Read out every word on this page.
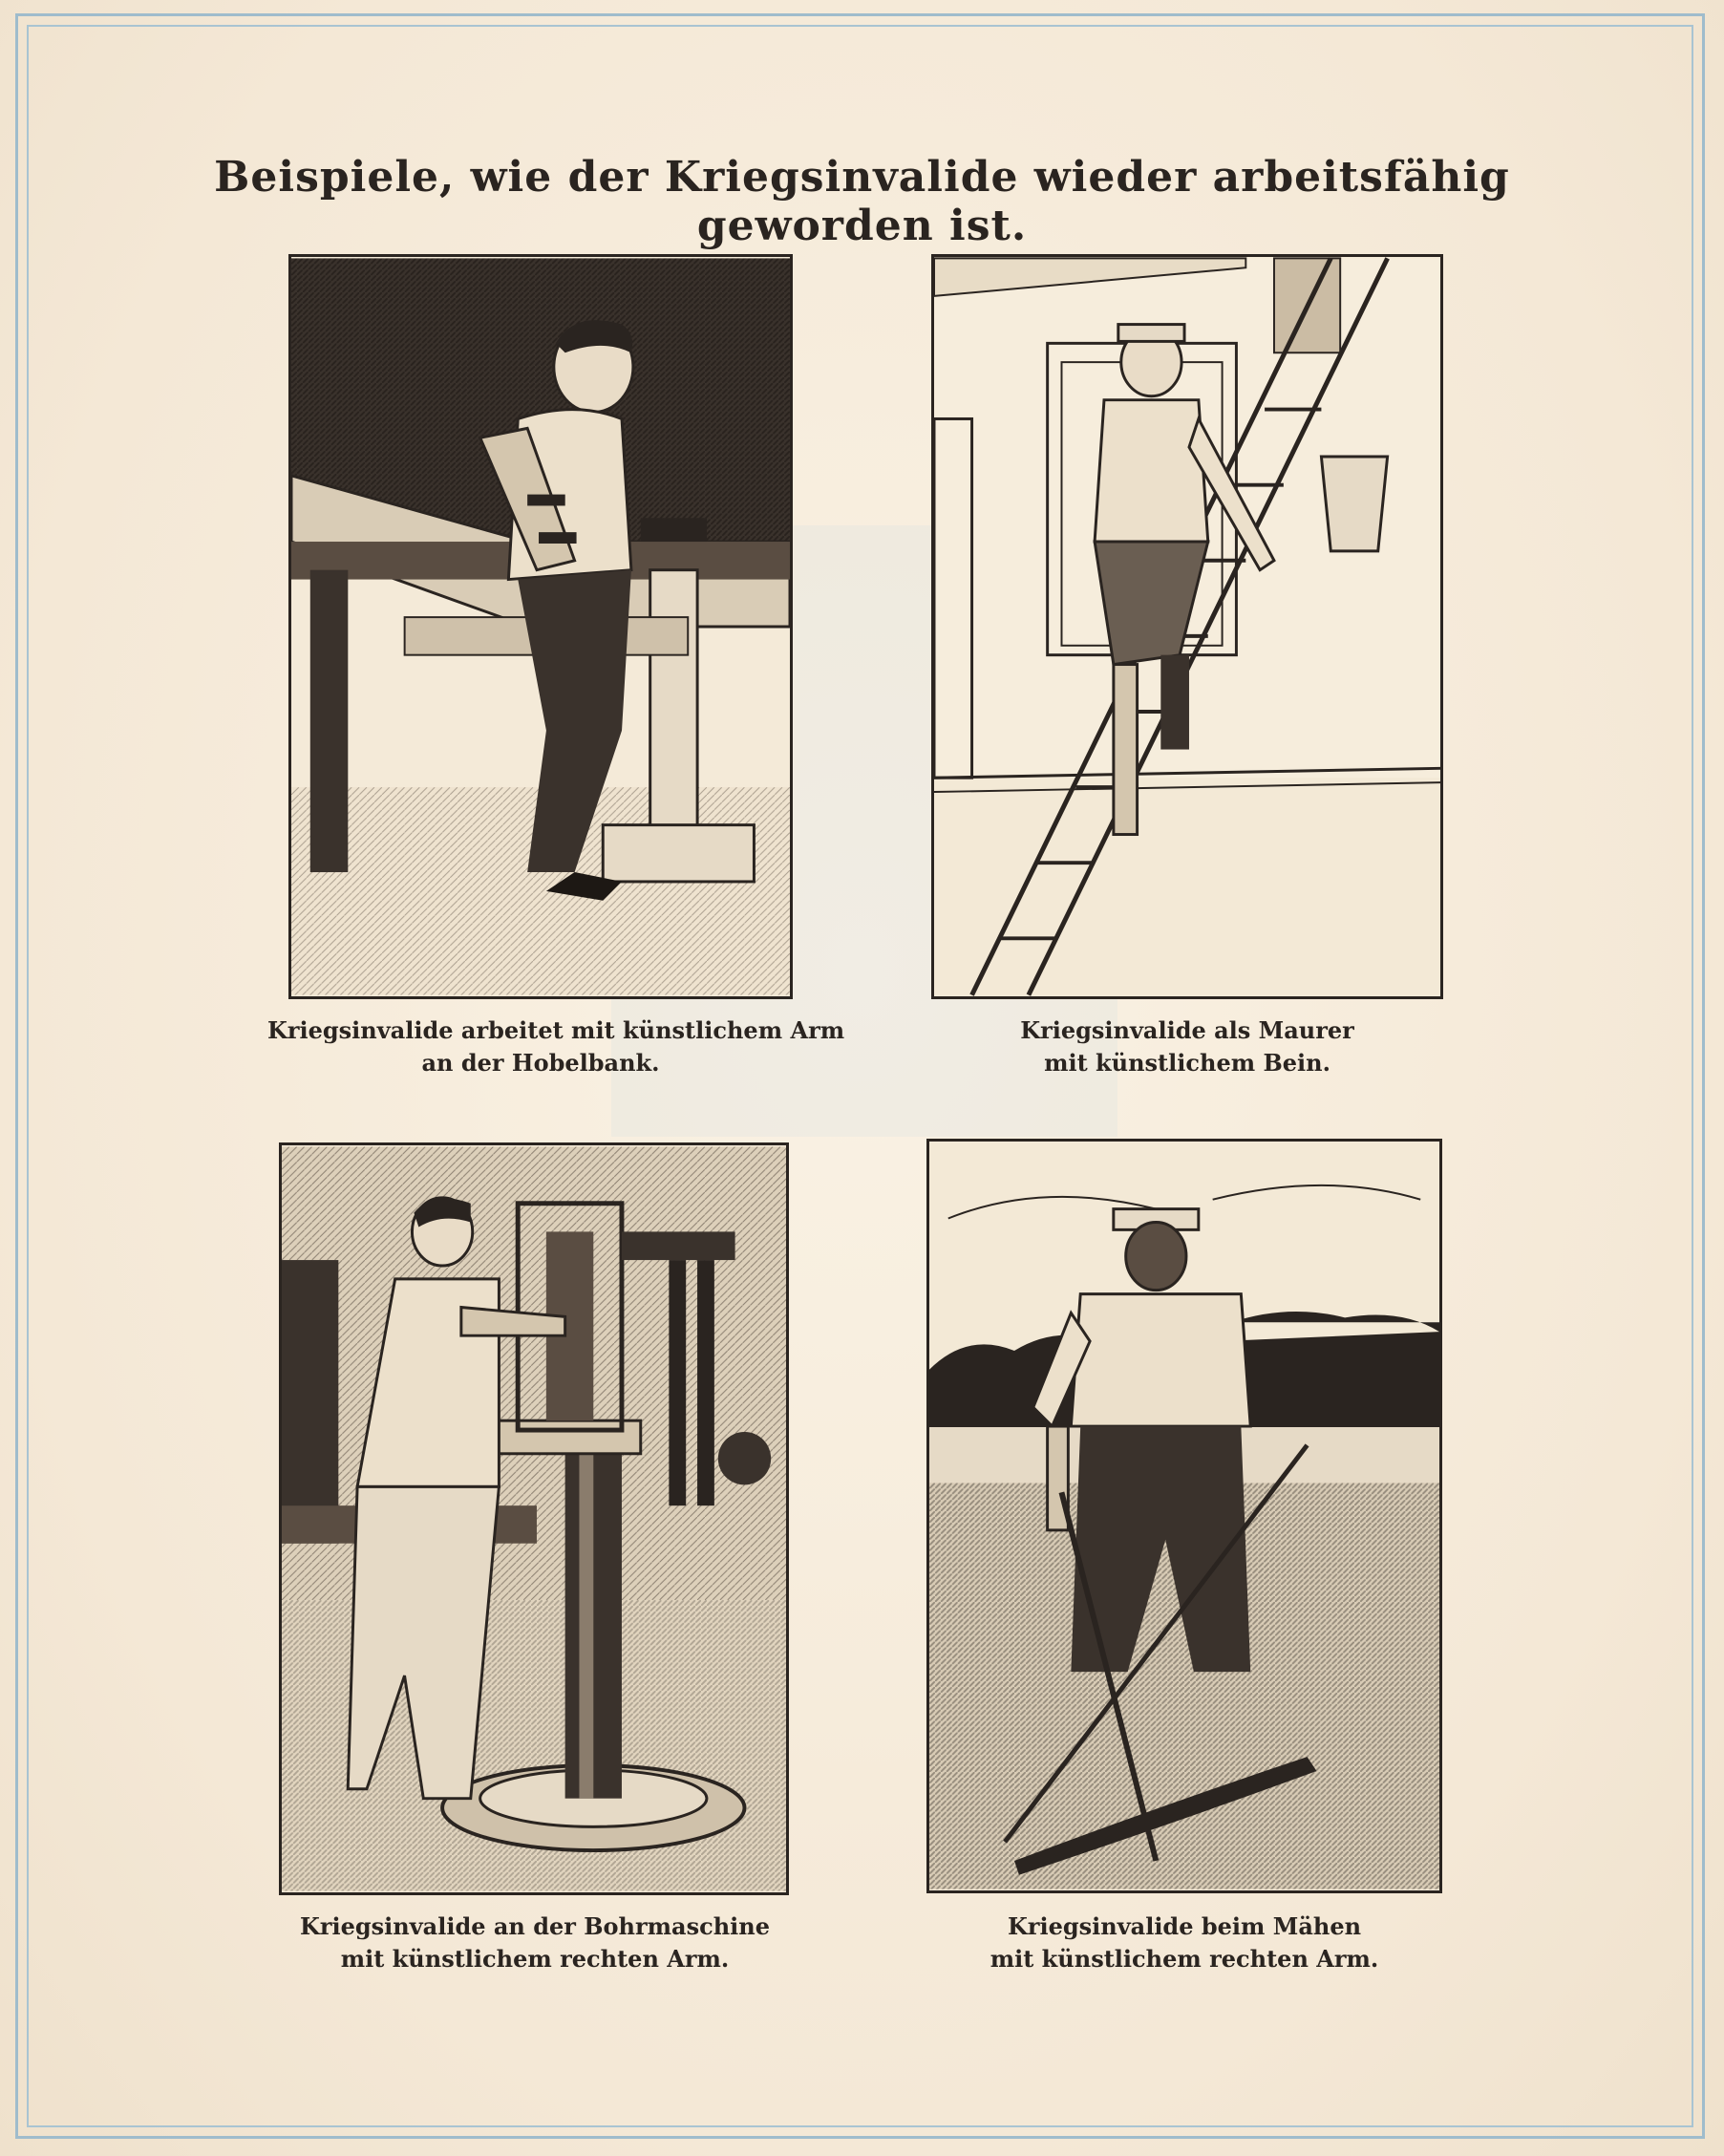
Beispiele, wie der Kriegsinvalide wieder arbeitsfähig geworden ist.
Kriegsinvalide arbeitet mit künstlichem Arm
an der Hobelbank.
Kriegsinvalide als Maurer
mit künstlichem Bein.
Kriegsinvalide an der Bohrmaschine
mit künstlichem rechten Arm.
Kriegsinvalide beim Mähen
mit künstlichem rechten Arm.
